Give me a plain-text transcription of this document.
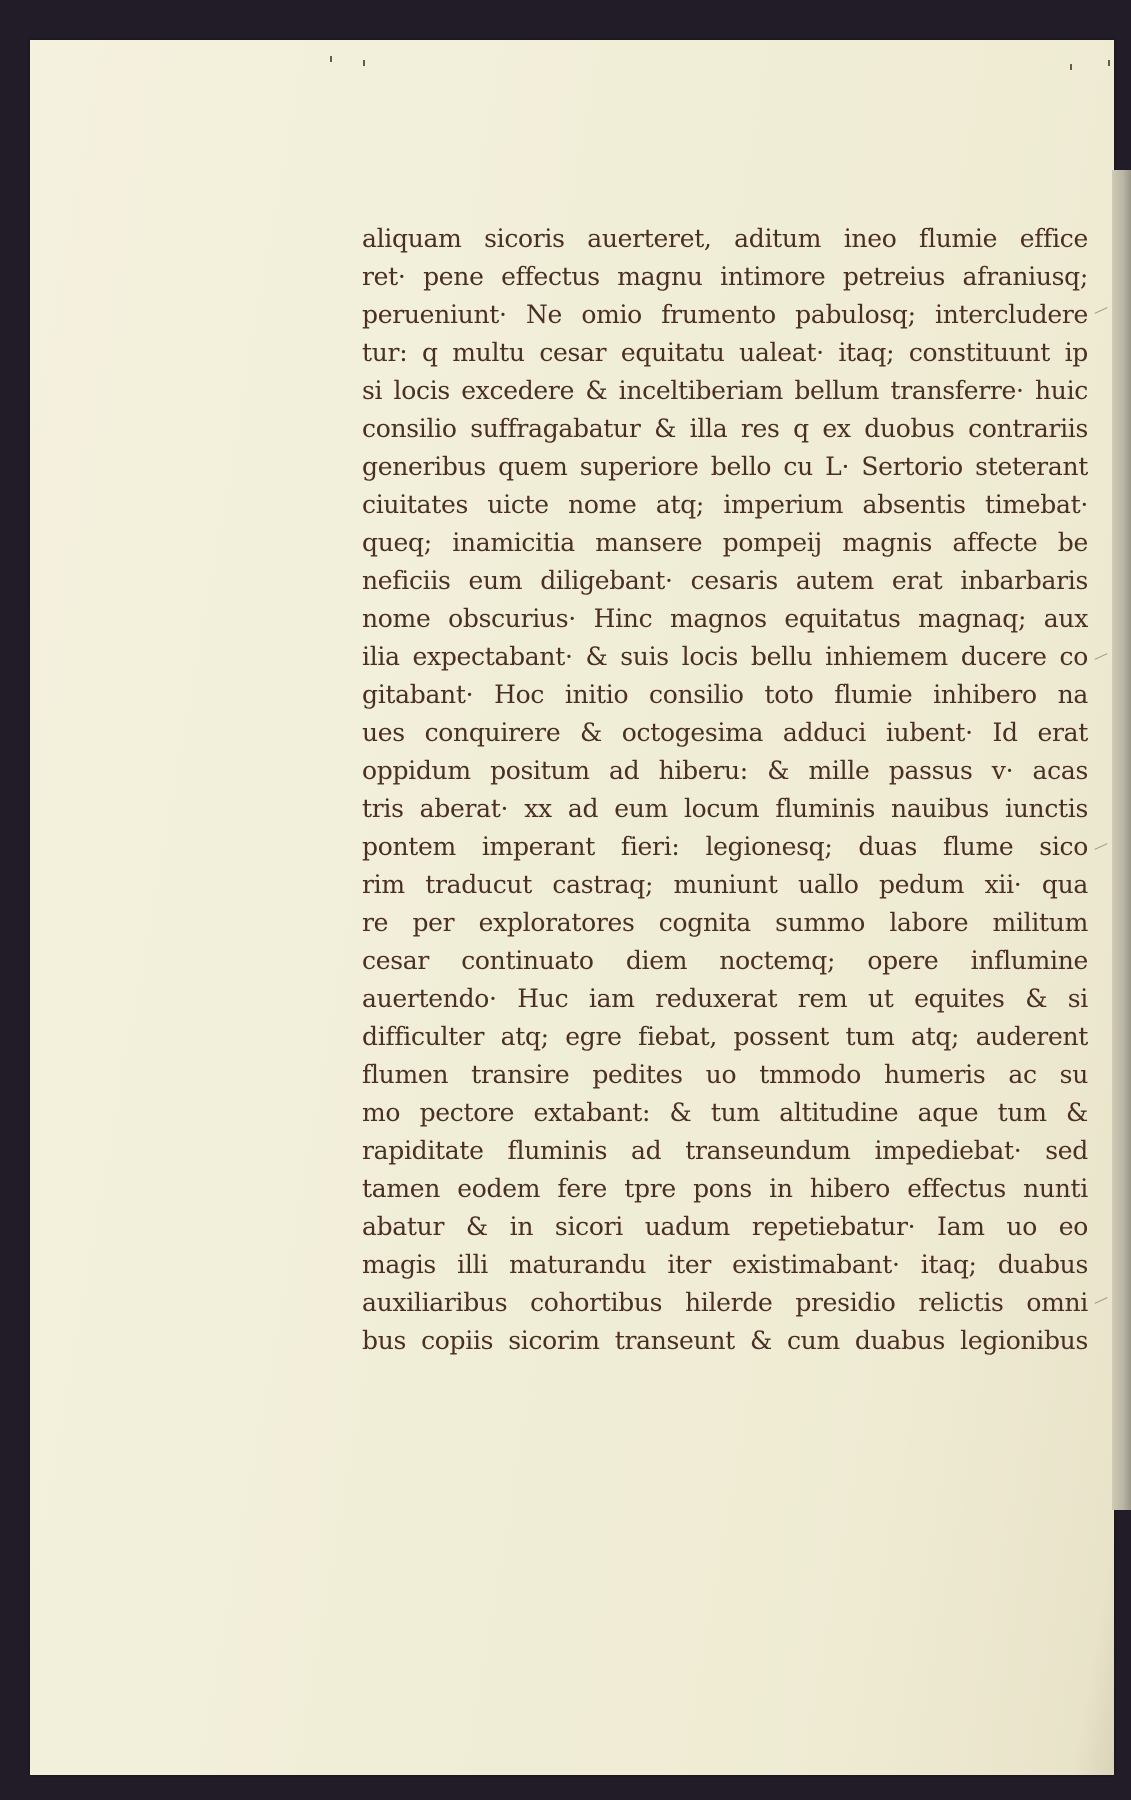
aliquam sicoris auerteret, aditum ineo flumie effice
ret· pene effectus magnu intimore petreius afraniusq;
perueniunt· Ne omio frumento pabulosq; intercludere
tur: q multu cesar equitatu ualeat· itaq; constituunt ip
si locis excedere & inceltiberiam bellum transferre· huic
consilio suffragabatur & illa res q ex duobus contrariis
generibus quem superiore bello cu L· Sertorio steterant
ciuitates uicte nome atq; imperium absentis timebat·
queq; inamicitia mansere pompeij magnis affecte be
neficiis eum diligebant· cesaris autem erat inbarbaris
nome obscurius· Hinc magnos equitatus magnaq; aux
ilia expectabant· & suis locis bellu inhiemem ducere co
gitabant· Hoc initio consilio toto flumie inhibero na
ues conquirere & octogesima adduci iubent· Id erat
oppidum positum ad hiberu: & mille passus v· acas
tris aberat· xx ad eum locum fluminis nauibus iunctis
pontem imperant fieri: legionesq; duas flume sico
rim traducut castraq; muniunt uallo pedum xii· qua
re per exploratores cognita summo labore militum
cesar continuato diem noctemq; opere influmine
auertendo· Huc iam reduxerat rem ut equites & si
difficulter atq; egre fiebat, possent tum atq; auderent
flumen transire pedites uo tmmodo humeris ac su
mo pectore extabant: & tum altitudine aque tum &
rapiditate fluminis ad transeundum impediebat· sed
tamen eodem fere tpre pons in hibero effectus nunti
abatur & in sicori uadum repetiebatur· Iam uo eo
magis illi maturandu iter existimabant· itaq; duabus
auxiliaribus cohortibus hilerde presidio relictis omni
bus copiis sicorim transeunt & cum duabus legionibus
